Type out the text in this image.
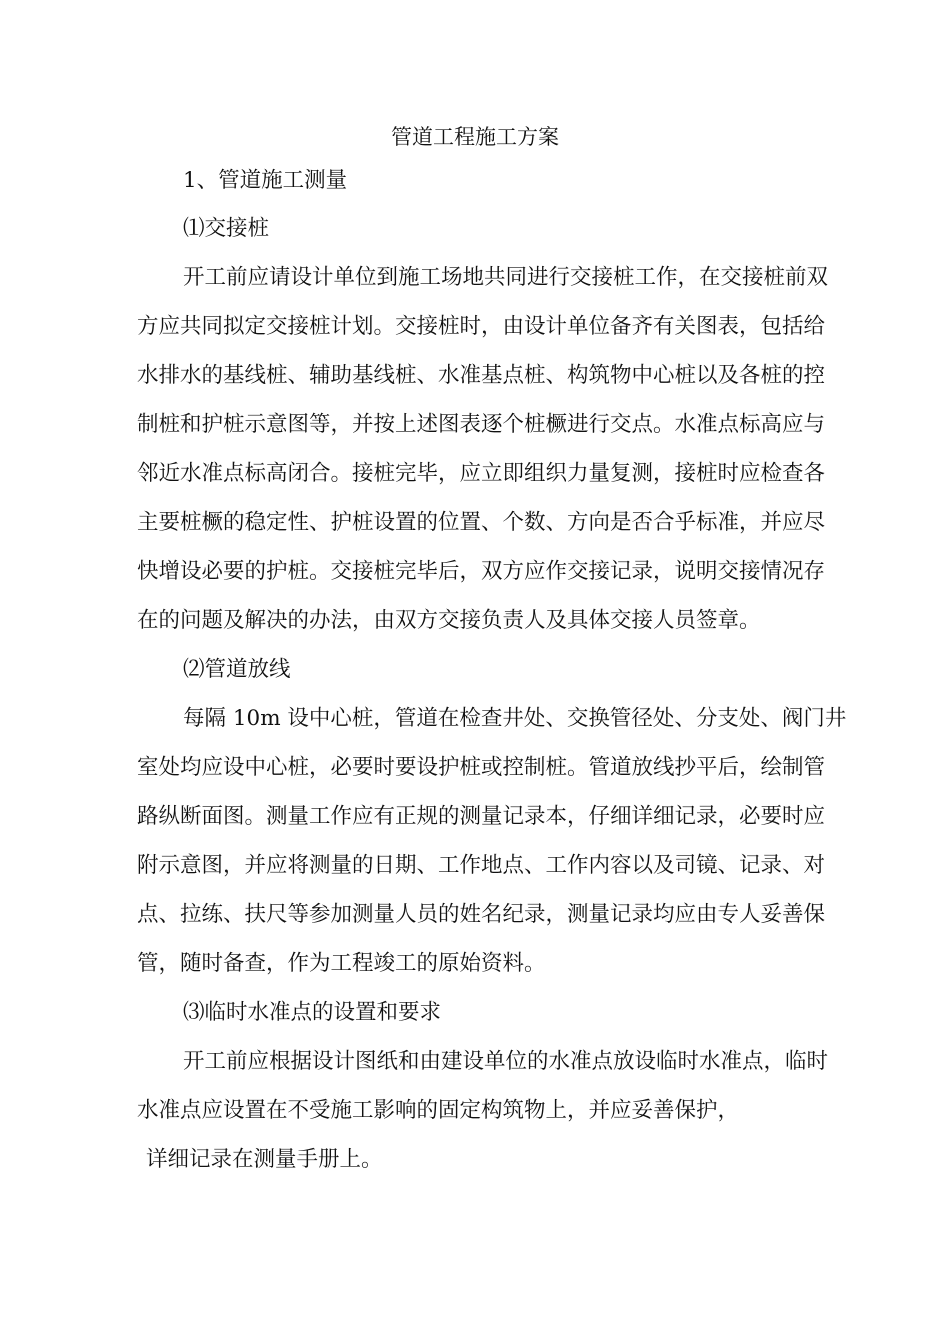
管道工程施工方案
1、管道施工测量
⑴交接桩
开工前应请设计单位到施工场地共同进行交接桩工作，在交接桩前双
方应共同拟定交接桩计划。交接桩时，由设计单位备齐有关图表，包括给
水排水的基线桩、辅助基线桩、水准基点桩、构筑物中心桩以及各桩的控
制桩和护桩示意图等，并按上述图表逐个桩橛进行交点。水准点标高应与
邻近水准点标高闭合。接桩完毕，应立即组织力量复测，接桩时应检查各
主要桩橛的稳定性、护桩设置的位置、个数、方向是否合乎标准，并应尽
快增设必要的护桩。交接桩完毕后，双方应作交接记录，说明交接情况存
在的问题及解决的办法，由双方交接负责人及具体交接人员签章。
⑵管道放线
每隔 10m 设中心桩，管道在检查井处、交换管径处、分支处、阀门井
室处均应设中心桩，必要时要设护桩或控制桩。管道放线抄平后，绘制管
路纵断面图。测量工作应有正规的测量记录本，仔细详细记录，必要时应
附示意图，并应将测量的日期、工作地点、工作内容以及司镜、记录、对
点、拉练、扶尺等参加测量人员的姓名纪录，测量记录均应由专人妥善保
管，随时备查，作为工程竣工的原始资料。
⑶临时水准点的设置和要求
开工前应根据设计图纸和由建设单位的水准点放设临时水准点，临时
水准点应设置在不受施工影响的固定构筑物上，并应妥善保护，
详细记录在测量手册上。
